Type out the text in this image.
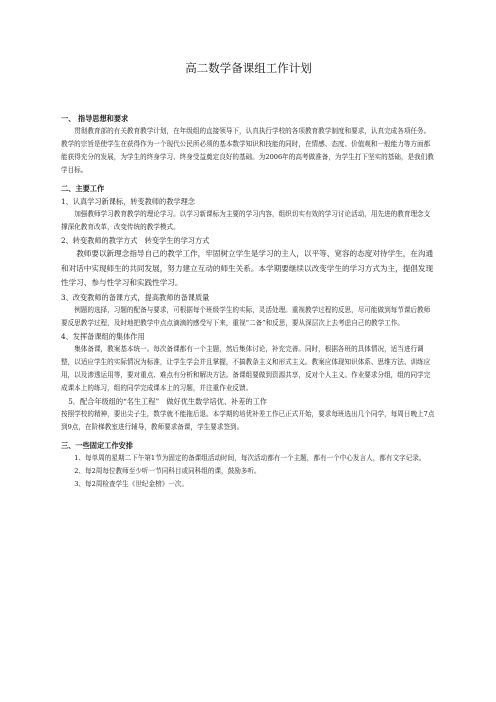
高二数学备课组工作计划
一、 指导思想和要求

贯彻教育部的有关教育教学计划，在年级组的直接领导下，认真执行学校的各项教育教学制度和要求，认真完成各项任务。教学的宗旨是使学生在获得作为一个现代公民所必须的基本数学知识和技能的同时，在情感、态度、价值观和一般能力等方面都能获得充分的发展，为学生的终身学习、终身受益奠定良好的基础。为2006年的高考做准备，为学生打下坚实的基础，是我们教学目标。

二、主要工作
1、认真学习新课标，转变教师的教学理念

加强教师学习教育教学的理论学习。以学习新课标为主要的学习内容，组织切实有效的学习讨论活动，用先进的教育理念支撑深化教育改革，改变传统的教学模式。

2、转变教师的教学方式　转变学生的学习方式

教师要以新理念指导自己的教学工作，牢固树立学生是学习的主人，以平等、宽容的态度对待学生，在沟通和对话中实现师生的共同发展，努力建立互动的师生关系。本学期要继续以改变学生的学习方式为主，提倡发现性学习、参与性学习和实践性学习。

3、改变教师的备课方式，提高教师的备课质量

例题的选择，习题的配备与要求，可根据每个班级学生的实际，灵活处理。重视教学过程的反思，尽可能做到每节课后教师要反思教学过程，及时地把教学中点点滴滴的感受写下来，重视“二备”和反思，要从深层次上去考虑自己的教学工作。

4、发挥备课组的集体作用

集体备课，教案基本统一。每次备课都有一个主题，然后集体讨论，补充完善。同时，根据各班的具体情况，适当进行调整，以适应学生的实际情况为标准，让学生学会并且掌握，不搞教条主义和形式主义。教案应体现知识体系、思维方法、训练应用，以及渗透运用等，要对重点、难点有分析和解决方法。备课组要做到资源共享，反对个人主义。作业要求分组，组的同学完成课本上的练习，组的同学完成课本上的习题，并注重作业反馈。

5．配合年级组的“名生工程”　做好优生数学培优、补差的工作

按照学校的精神，要出尖子生，数学就不能拖后退。本学期的培优补差工作已正式开始，要求每班选出几个同学，每周日晚上7点到9点，在阶梯教室进行辅导，教师要求备课，学生要求签到。

三、一些固定工作安排

1、每单周的星期二下午第1节为固定的备课组活动时间，每次活动都有一个主题，都有一个中心发言人，都有文字记录。

2、每2周每位教师至少听一节同科目或同科组的课，鼓励多听。

3、每2周检查学生《世纪金榜》一次。
